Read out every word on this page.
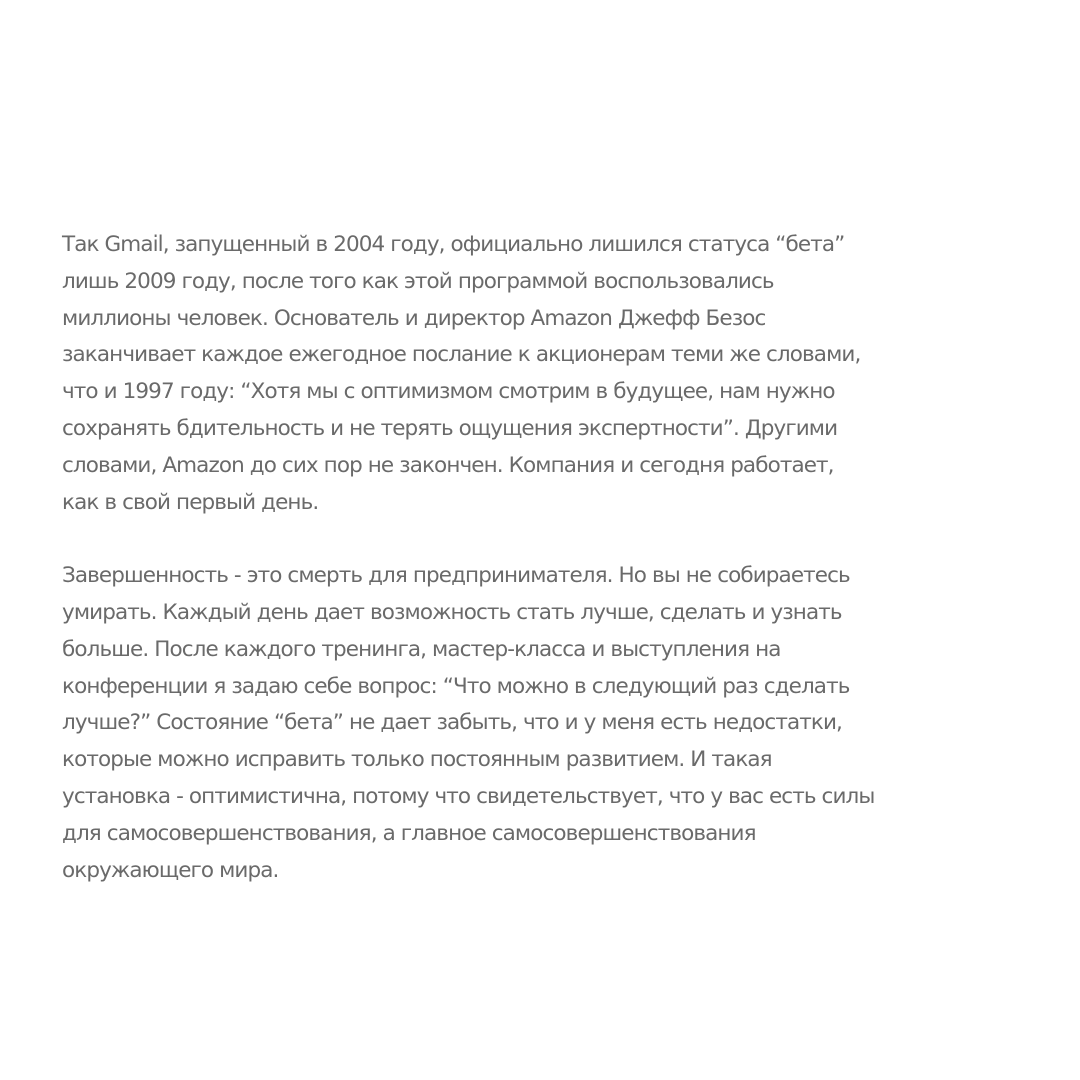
Так Gmail, запущенный в 2004 году, официально лишился статуса “бета”
лишь 2009 году, после того как этой программой воспользовались
миллионы человек. Основатель и директор Amazon Джефф Безос
заканчивает каждое ежегодное послание к акционерам теми же словами,
что и 1997 году: “Хотя мы с оптимизмом смотрим в будущее, нам нужно
сохранять бдительность и не терять ощущения экспертности”. Другими
словами, Amazon до сих пор не закончен. Компания и сегодня работает,
как в свой первый день.
Завершенность - это смерть для предпринимателя. Но вы не собираетесь
умирать. Каждый день дает возможность стать лучше, сделать и узнать
больше. После каждого тренинга, мастер-класса и выступления на
конференции я задаю себе вопрос: “Что можно в следующий раз сделать
лучше?” Состояние “бета” не дает забыть, что и у меня есть недостатки,
которые можно исправить только постоянным развитием. И такая
установка - оптимистична, потому что свидетельствует, что у вас есть силы
для самосовершенствования, а главное самосовершенствования
окружающего мира.
